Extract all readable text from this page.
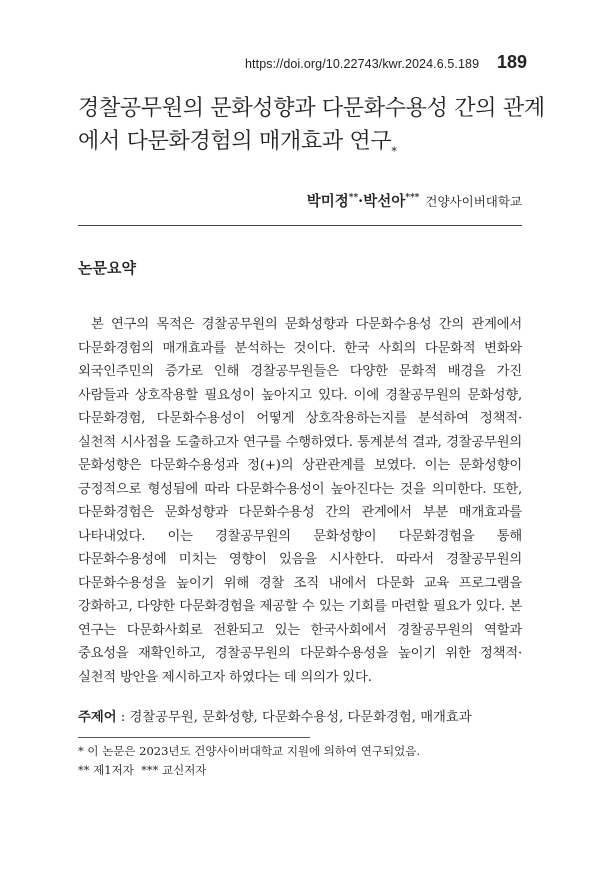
https://doi.org/10.22743/kwr.2024.6.5.189 189
경찰공무원의 문화성향과 다문화수용성 간의 관계
에서 다문화경험의 매개효과 연구*
박미정**·박선아*** 건양사이버대학교
논문요약

본 연구의 목적은 경찰공무원의 문화성향과 다문화수용성 간의 관계에서 다문화경험의 매개효과를 분석하는 것이다. 한국 사회의 다문화적 변화와 외국인주민의 증가로 인해 경찰공무원들은 다양한 문화적 배경을 가진 사람들과 상호작용할 필요성이 높아지고 있다. 이에 경찰공무원의 문화성향, 다문화경험, 다문화수용성이 어떻게 상호작용하는지를 분석하여 정책적·실천적 시사점을 도출하고자 연구를 수행하였다. 통계분석 결과, 경찰공무원의 문화성향은 다문화수용성과 정(+)의 상관관계를 보였다. 이는 문화성향이 긍정적으로 형성됨에 따라 다문화수용성이 높아진다는 것을 의미한다. 또한, 다문화경험은 문화성향과 다문화수용성 간의 관계에서 부분 매개효과를 나타내었다. 이는 경찰공무원의 문화성향이 다문화경험을 통해 다문화수용성에 미치는 영향이 있음을 시사한다. 따라서 경찰공무원의 다문화수용성을 높이기 위해 경찰 조직 내에서 다문화 교육 프로그램을 강화하고, 다양한 다문화경험을 제공할 수 있는 기회를 마련할 필요가 있다. 본 연구는 다문화사회로 전환되고 있는 한국사회에서 경찰공무원의 역할과 중요성을 재확인하고, 경찰공무원의 다문화수용성을 높이기 위한 정책적·실천적 방안을 제시하고자 하였다는 데 의의가 있다.

주제어 : 경찰공무원, 문화성향, 다문화수용성, 다문화경험, 매개효과
* 이 논문은 2023년도 건양사이버대학교 지원에 의하여 연구되었음.
** 제1저자  *** 교신저자
